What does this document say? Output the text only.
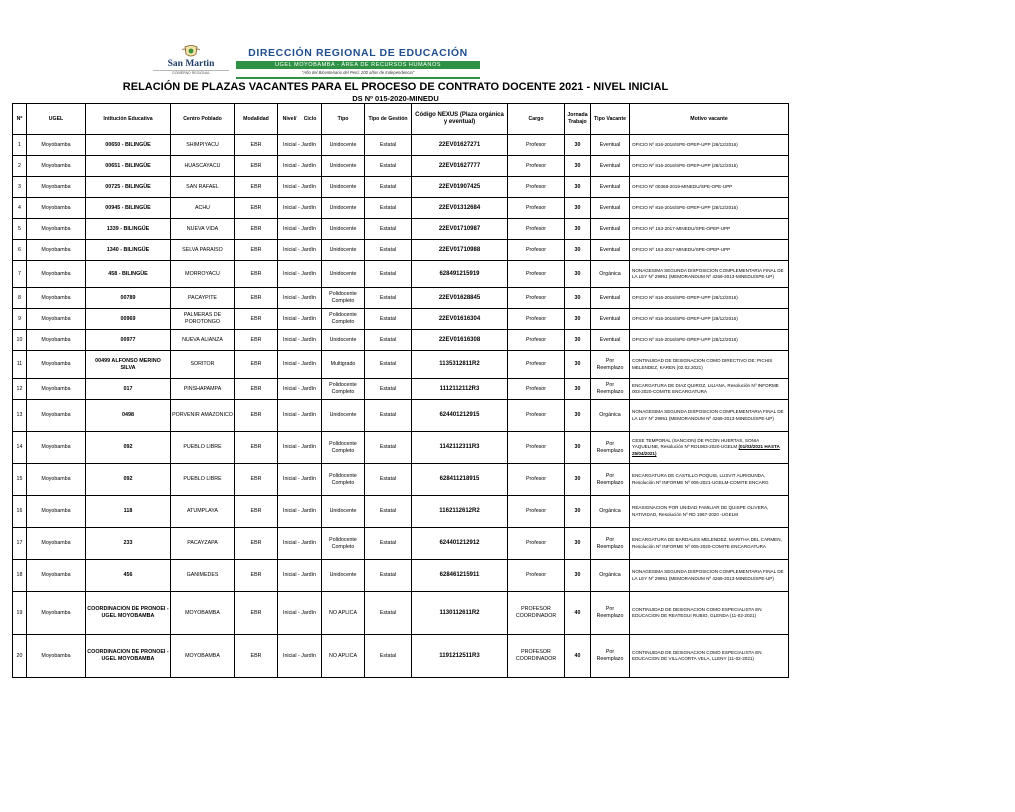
San Martin
GOBIERNO REGIONAL
DIRECCIÓN REGIONAL DE EDUCACIÓN
UGEL MOYOBAMBA - ÁREA DE RECURSOS HUMANOS
"Año del Bicentenario del Perú: 200 años de Independencia"
RELACIÓN DE PLAZAS VACANTES PARA EL PROCESO DE CONTRATO DOCENTE 2021 - NIVEL INICIAL
DS Nº 015-2020-MINEDU
Nº	UGEL	Intitución Educativa	Centro Poblado	Modalidad	Nivel/ Ciclo	Tipo	Tipo de Gestión	Código NEXUS (Plaza orgánica y eventual)	Cargo	Jornada Trabajo	Tipo Vacante	Motivo vacante
1	Moyobamba	00650 - BILINGÜE	SHIMPIYACU	EBR	Inicial - Jardín	Unidocente	Estatal	22EV01627271	Profesor	30	Eventual	OFICIO Nº 816-2016/SPE-OPEP-UPP (28/12/2016)
2	Moyobamba	00651 - BILINGÜE	HUASCAYACU	EBR	Inicial - Jardín	Unidocente	Estatal	22EV01627777	Profesor	30	Eventual	OFICIO Nº 816-2016/SPE-OPEP-UPP (28/12/2016)
3	Moyobamba	00725 - BILINGÜE	SAN RAFAEL	EBR	Inicial - Jardín	Unidocente	Estatal	22EV01907425	Profesor	30	Eventual	OFICIO Nº 00368-2019-MINEDU/SPE-OPE-UPP
4	Moyobamba	00945 - BILINGÜE	ACHU	EBR	Inicial - Jardín	Unidocente	Estatal	22EV01312684	Profesor	30	Eventual	OFICIO Nº 816-2016/SPE-OPEP-UPP (28/12/2016)
5	Moyobamba	1339 - BILINGÜE	NUEVA VIDA	EBR	Inicial - Jardín	Unidocente	Estatal	22EV01710987	Profesor	30	Eventual	OFICIO Nº 153-2017-MINEDU/SPE-OPEP-UPP
6	Moyobamba	1340 - BILINGÜE	SELVA PARAISO	EBR	Inicial - Jardín	Unidocente	Estatal	22EV01710988	Profesor	30	Eventual	OFICIO Nº 153-2017-MINEDU/SPE-OPEP-UPP
7	Moyobamba	458 - BILINGÜE	MORROYACU	EBR	Inicial - Jardín	Unidocente	Estatal	628491215919	Profesor	30	Orgánica	NONAGESIMA SEGUNDA DISPOSICION COMPLEMENTARIA FINAL DE LA LEY Nº 29951 (MEMORANDUM Nº 4269-2013-MINEDU/SPE-UP)
8	Moyobamba	00789	PACAYPITE	EBR	Inicial - Jardín	Polidocente Completo	Estatal	22EV01628845	Profesor	30	Eventual	OFICIO Nº 816-2016/SPE-OPEP-UPP (28/12/2016)
9	Moyobamba	00969	PALMERAS DE POROTONGO	EBR	Inicial - Jardín	Polidocente Completo	Estatal	22EV01616304	Profesor	30	Eventual	OFICIO Nº 816-2016/SPE-OPEP-UPP (28/12/2016)
10	Moyobamba	00977	NUEVA ALIANZA	EBR	Inicial - Jardín	Unidocente	Estatal	22EV01616308	Profesor	30	Eventual	OFICIO Nº 816-2016/SPE-OPEP-UPP (28/12/2016)
11	Moyobamba	00499 ALFONSO MERINO SILVA	SORITOR	EBR	Inicial - Jardín	Multigrado	Estatal	1135312811R2	Profesor	30	Por Reemplazo	CONTINUIDAD DE DESIGNACION COMO DIRECTIVO DE: PICHIS MELENDEZ, KAREN (02.02.2021)
12	Moyobamba	017	PINSHAPAMPA	EBR	Inicial - Jardín	Polidocente Completo	Estatal	1112112112R3	Profesor	30	Por Reemplazo	ENCARGATURA DE DIAZ QUIROZ, LILIANA, Resolución Nº INFORME 003-2020-COMITE ENCARGATURA
13	Moyobamba	0498	PORVENIR AMAZONICO	EBR	Inicial - Jardín	Unidocente	Estatal	624401212915	Profesor	30	Orgánica	NONAGESIMA SEGUNDA DISPOSICION COMPLEMENTARIA FINAL DE LA LEY Nº 29951 (MEMORANDUM Nº 4269-2013-MINEDU/SPE-UP)
14	Moyobamba	092	PUEBLO LIBRE	EBR	Inicial - Jardín	Polidocente Completo	Estatal	1142112311R3	Profesor	30	Por Reemplazo	CESE TEMPORAL (SANCION) DE PICON HUERTAS, SONIA YAQUELINE, Resolución Nº RD1983-2020-UGELM (01/03/2021 HASTA 25/04/2021)
15	Moyobamba	092	PUEBLO LIBRE	EBR	Inicial - Jardín	Polidocente Completo	Estatal	628411218915	Profesor	30	Por Reemplazo	ENCARGATURA DE CASTILLO POQUIS, LUSVIT AURIOUNDA, Resolución Nº INFORME Nº 006-2021-UGELM-COMITE ENCARG
16	Moyobamba	118	ATUMPLAYA	EBR	Inicial - Jardín	Unidocente	Estatal	1162112612R2	Profesor	30	Orgánica	REASIGNACION POR UNIDAD FAMILIAR DE QUISPE OLIVERA, NATIVIDAD, Resolución Nº RD 1967-2020 -UGELM
17	Moyobamba	233	PACAYZAPA	EBR	Inicial - Jardín	Polidocente Completo	Estatal	624401212912	Profesor	30	Por Reemplazo	ENCARGATURA DE BARDALES MELENDEZ, MARITHA DEL CARMEN, Resolución Nº INFORME Nº 005-2020-COMITE ENCARGATURA
18	Moyobamba	456	GANIMEDES	EBR	Inicial - Jardín	Unidocente	Estatal	628461215911	Profesor	30	Orgánica	NONAGESIMA SEGUNDA DISPOSICION COMPLEMENTARIA FINAL DE LA LEY Nº 29951 (MEMORANDUM Nº 4269-2013-MINEDU/SPE-UP)
19	Moyobamba	COORDINACION DE PRONOEI - UGEL MOYOBAMBA	MOYOBAMBA	EBR	Inicial - Jardín	NO APLICA	Estatal	1130112611R2	PROFESOR COORDINADOR	40	Por Reemplazo	CONTINUIDAD DE DESIGNACION COMO ESPECIALISTA EN EDUCACION DE REATEGUI RUBIO, GLENDA (11-02-2021)
20	Moyobamba	COORDINACION DE PRONOEI - UGEL MOYOBAMBA	MOYOBAMBA	EBR	Inicial - Jardín	NO APLICA	Estatal	1191212511R3	PROFESOR COORDINADOR	40	Por Reemplazo	CONTINUIDAD DE DESIGNACION COMO ESPECIALISTA EN EDUCACION DE VILLACORTA VELA, LLENY (11-02-2021)
